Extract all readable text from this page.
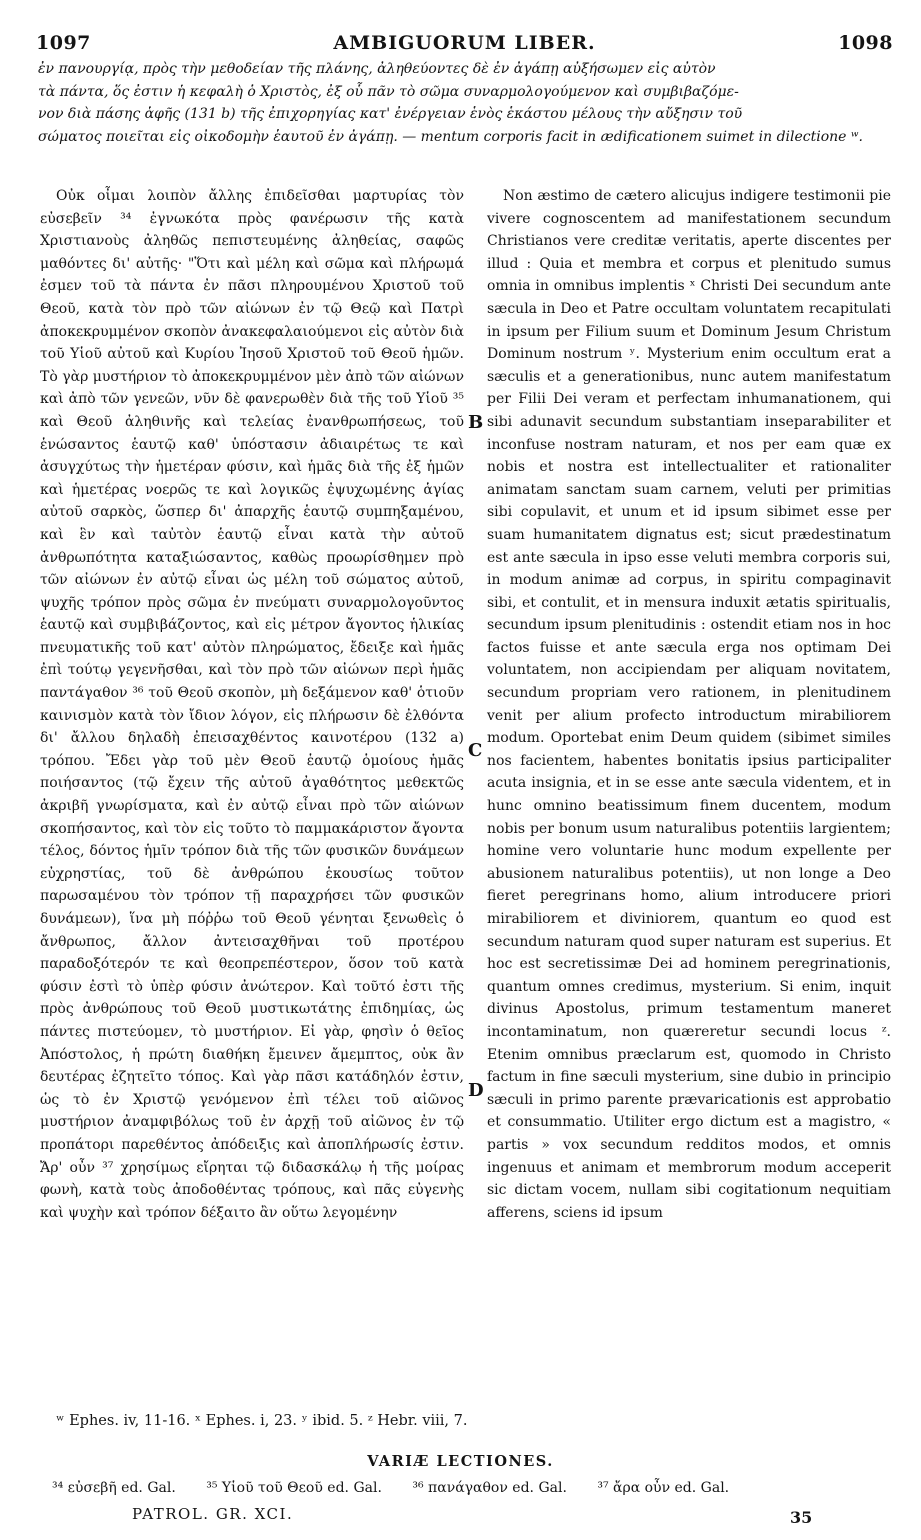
1097	AMBIGUORUM LIBER.	1098
ἐν πανουργίᾳ, πρὸς τὴν μεθοδείαν τῆς πλάνης, ἀληθεύοντες δὲ ἐν ἀγάπῃ αὐξήσωμεν εἰς αὐτὸν
τὰ πάντα, ὅς ἐστιν ἡ κεφαλὴ ὁ Χριστὸς, ἐξ οὗ πᾶν τὸ σῶμα συναρμολογούμενον καὶ συμβιβαζόμε-
νον διὰ πάσης ἁφῆς (131 b) τῆς ἐπιχορηγίας κατ' ἐνέργειαν ἑνὸς ἑκάστου μέλους τὴν αὔξησιν τοῦ
σώματος ποιεῖται εἰς οἰκοδομὴν ἑαυτοῦ ἐν ἀγάπῃ. — mentum corporis facit in ædificationem suimet in dilectione ʷ.

Οὐκ οἶμαι λοιπὸν ἄλλης ἐπιδεῖσθαι μαρτυρίας τὸν εὐσεβεῖν ³⁴ ἐγνωκότα πρὸς φανέρωσιν τῆς κατὰ Χριστιανοὺς ἀληθῶς πεπιστευμένης ἀληθείας, σαφῶς μαθόντες δι' αὐτῆς· "Ὅτι καὶ μέλη καὶ σῶμα καὶ πλήρωμά ἐσμεν τοῦ τὰ πάντα ἐν πᾶσι πληρουμένου Χριστοῦ τοῦ Θεοῦ, κατὰ τὸν πρὸ τῶν αἰώνων ἐν τῷ Θεῷ καὶ Πατρὶ ἀποκεκρυμμένον σκοπὸν ἀνακεφαλαιούμενοι εἰς αὐτὸν διὰ τοῦ Υἱοῦ αὐτοῦ καὶ Κυρίου Ἰησοῦ Χριστοῦ τοῦ Θεοῦ ἡμῶν. Τὸ γὰρ μυστήριον τὸ ἀποκεκρυμμένον μὲν ἀπὸ τῶν αἰώνων καὶ ἀπὸ τῶν γενεῶν, νῦν δὲ φανερωθὲν διὰ τῆς τοῦ Υἱοῦ ³⁵ καὶ Θεοῦ ἀληθινῆς καὶ τελείας ἐνανθρωπήσεως, τοῦ ἑνώσαντος ἑαυτῷ καθ' ὑπόστασιν ἀδιαιρέτως τε καὶ ἀσυγχύτως τὴν ἡμετέραν φύσιν, καὶ ἡμᾶς διὰ τῆς ἐξ ἡμῶν καὶ ἡμετέρας νοερῶς τε καὶ λογικῶς ἐψυχωμένης ἁγίας αὐτοῦ σαρκὸς, ὥσπερ δι' ἀπαρχῆς ἑαυτῷ συμπηξαμένου, καὶ ἓν καὶ ταὐτὸν ἑαυτῷ εἶναι κατὰ τὴν αὐτοῦ ἀνθρωπότητα καταξιώσαντος, καθὼς προωρίσθημεν πρὸ τῶν αἰώνων ἐν αὐτῷ εἶναι ὡς μέλη τοῦ σώματος αὐτοῦ, ψυχῆς τρόπον πρὸς σῶμα ἐν πνεύματι συναρμολογοῦντος ἑαυτῷ καὶ συμβιβάζοντος, καὶ εἰς μέτρον ἄγοντος ἡλικίας πνευματικῆς τοῦ κατ' αὐτὸν πληρώματος, ἔδειξε καὶ ἡμᾶς ἐπὶ τούτῳ γεγενῆσθαι, καὶ τὸν πρὸ τῶν αἰώνων περὶ ἡμᾶς παντάγαθον ³⁶ τοῦ Θεοῦ σκοπὸν, μὴ δεξάμενον καθ' ὁτιοῦν καινισμὸν κατὰ τὸν ἴδιον λόγον, εἰς πλήρωσιν δὲ ἐλθόντα δι' ἄλλου δηλαδὴ ἐπεισαχθέντος καινοτέρου (132 a) τρόπου. Ἔδει γὰρ τοῦ μὲν Θεοῦ ἑαυτῷ ὁμοίους ἡμᾶς ποιήσαντος (τῷ ἔχειν τῆς αὐτοῦ ἀγαθότητος μεθεκτῶς ἀκριβῆ γνωρίσματα, καὶ ἐν αὐτῷ εἶναι πρὸ τῶν αἰώνων σκοπήσαντος, καὶ τὸν εἰς τοῦτο τὸ παμμακάριστον ἄγοντα τέλος, δόντος ἡμῖν τρόπον διὰ τῆς τῶν φυσικῶν δυνάμεων εὐχρηστίας, τοῦ δὲ ἀνθρώπου ἑκουσίως τοῦτον παρωσαμένου τὸν τρόπον τῇ παραχρήσει τῶν φυσικῶν δυνάμεων), ἵνα μὴ πόῤῥω τοῦ Θεοῦ γένηται ξενωθεὶς ὁ ἄνθρωπος, ἄλλον ἀντεισαχθῆναι τοῦ προτέρου παραδοξότερόν τε καὶ θεοπρεπέστερον, ὅσον τοῦ κατὰ φύσιν ἐστὶ τὸ ὑπὲρ φύσιν ἀνώτερον. Καὶ τοῦτό ἐστι τῆς πρὸς ἀνθρώπους τοῦ Θεοῦ μυστικωτάτης ἐπιδημίας, ὡς πάντες πιστεύομεν, τὸ μυστήριον. Εἰ γὰρ, φησὶν ὁ θεῖος Ἀπόστολος, ἡ πρώτη διαθήκη ἔμεινεν ἄμεμπτος, οὐκ ἂν δευτέρας ἐζητεῖτο τόπος. Καὶ γὰρ πᾶσι κατάδηλόν ἐστιν, ὡς τὸ ἐν Χριστῷ γενόμενον ἐπὶ τέλει τοῦ αἰῶνος μυστήριον ἀναμφιβόλως τοῦ ἐν ἀρχῇ τοῦ αἰῶνος ἐν τῷ προπάτορι παρεθέντος ἀπόδειξις καὶ ἀποπλήρωσίς ἐστιν. Ἄρ' οὖν ³⁷ χρησίμως εἴρηται τῷ διδασκάλῳ ἡ τῆς μοίρας φωνὴ, κατὰ τοὺς ἀποδοθέντας τρόπους, καὶ πᾶς εὐγενὴς καὶ ψυχὴν καὶ τρόπον δέξαιτο ἂν οὕτω λεγομένην

Non æstimo de cætero alicujus indigere testimonii pie vivere cognoscentem ad manifestationem secundum Christianos vere creditæ veritatis, aperte discentes per illud : Quia et membra et corpus et plenitudo sumus omnia in omnibus implentis ˣ Christi Dei secundum ante sæcula in Deo et Patre occultam voluntatem recapitulati in ipsum per Filium suum et Dominum Jesum Christum Dominum nostrum ʸ. Mysterium enim occultum erat a sæculis et a generationibus, nunc autem manifestatum per Filii Dei veram et perfectam inhumanationem, qui sibi adunavit secundum substantiam inseparabiliter et inconfuse nostram naturam, et nos per eam quæ ex nobis et nostra est intellectualiter et rationaliter animatam sanctam suam carnem, veluti per primitias sibi copulavit, et unum et id ipsum sibimet esse per suam humanitatem dignatus est; sicut prædestinatum est ante sæcula in ipso esse veluti membra corporis sui, in modum animæ ad corpus, in spiritu compaginavit sibi, et contulit, et in mensura induxit ætatis spiritualis, secundum ipsum plenitudinis : ostendit etiam nos in hoc factos fuisse et ante sæcula erga nos optimam Dei voluntatem, non accipiendam per aliquam novitatem, secundum propriam vero rationem, in plenitudinem venit per alium profecto introductum mirabiliorem modum. Oportebat enim Deum quidem (sibimet similes nos facientem, habentes bonitatis ipsius participaliter acuta insignia, et in se esse ante sæcula videntem, et in hunc omnino beatissimum finem ducentem, modum nobis per bonum usum naturalibus potentiis largientem; homine vero voluntarie hunc modum expellente per abusionem naturalibus potentiis), ut non longe a Deo fieret peregrinans homo, alium introducere priori mirabiliorem et diviniorem, quantum eo quod est secundum naturam quod super naturam est superius. Et hoc est secretissimæ Dei ad hominem peregrinationis, quantum omnes credimus, mysterium. Si enim, inquit divinus Apostolus, primum testamentum maneret incontaminatum, non quæreretur secundi locus ᶻ. Etenim omnibus præclarum est, quomodo in Christo factum in fine sæculi mysterium, sine dubio in principio sæculi in primo parente prævaricationis est approbatio et consummatio. Utiliter ergo dictum est a magistro, « partis » vox secundum redditos modos, et omnis ingenuus et animam et membrorum modum acceperit sic dictam vocem, nullam sibi cogitationum nequitiam afferens, sciens id ipsum

B
C
D
ʷ Ephes. iv, 11-16. ˣ Ephes. i, 23. ʸ ibid. 5. ᶻ Hebr. viii, 7.
VARIÆ LECTIONES.
³⁴ εὐσεβῆ ed. Gal. ³⁵ Υἱοῦ τοῦ Θεοῦ ed. Gal. ³⁶ πανάγαθον ed. Gal. ³⁷ ἄρα οὖν ed. Gal.
PATROL. GR. XCI.	35
